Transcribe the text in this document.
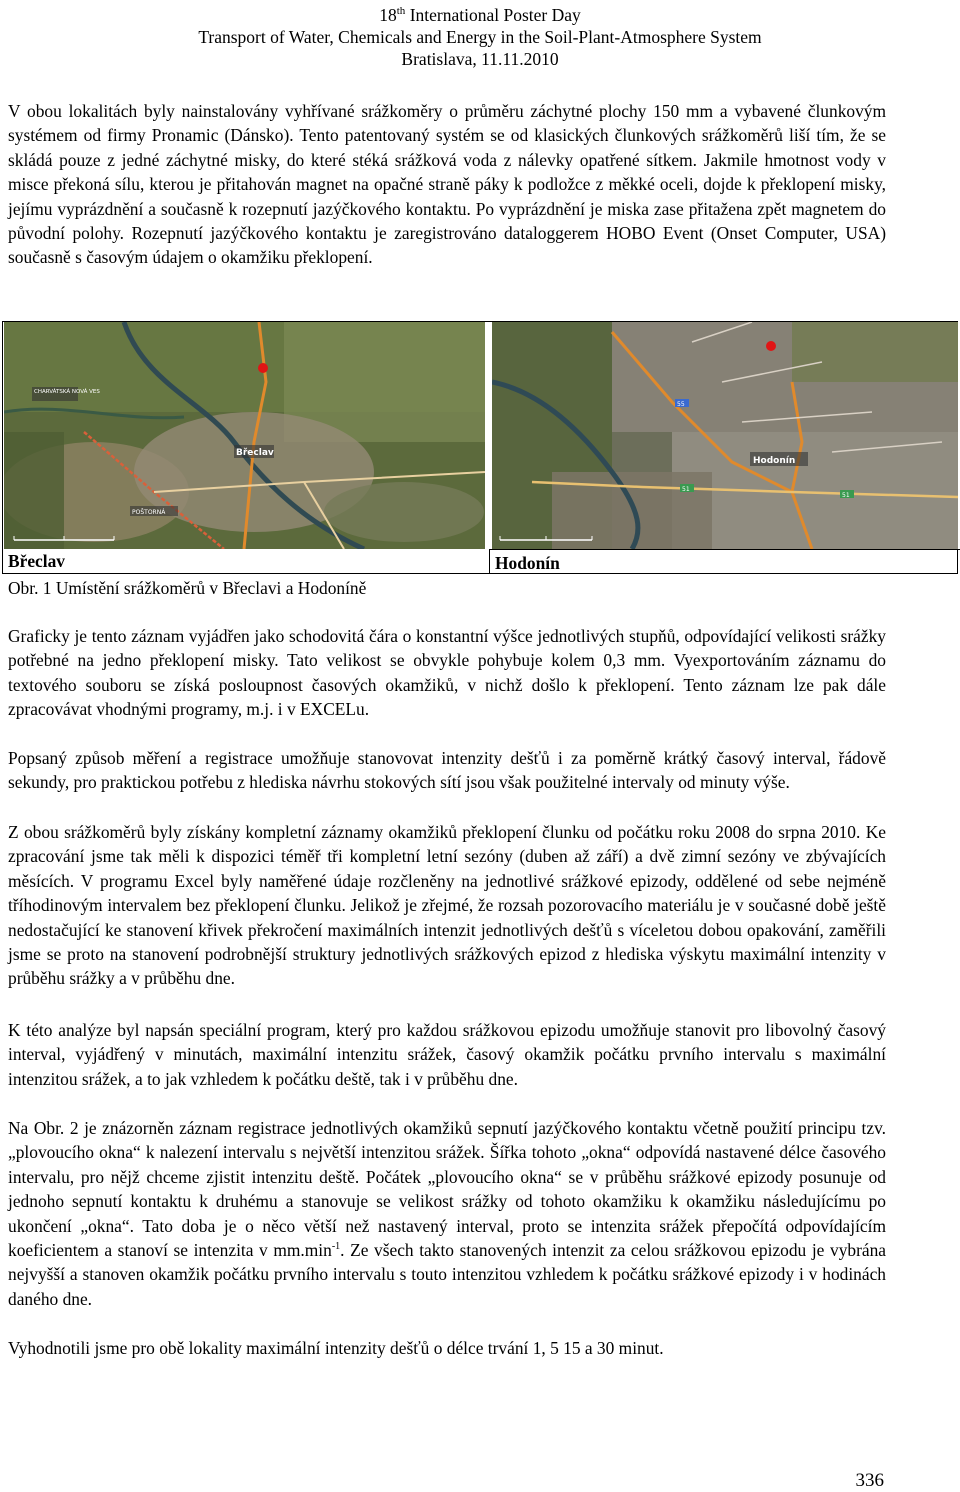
18th International Poster Day
Transport of Water, Chemicals and Energy in the Soil-Plant-Atmosphere System
Bratislava, 11.11.2010

V obou lokalitách byly nainstalovány vyhřívané srážkoměry o průměru záchytné plochy 150 mm a vybavené člunkovým systémem od firmy Pronamic (Dánsko). Tento patentovaný systém se od klasických člunkových srážkoměrů liší tím, že se skládá pouze z jedné záchytné misky, do které stéká srážková voda z nálevky opatřené sítkem. Jakmile hmotnost vody v misce překoná sílu, kterou je přitahován magnet na opačné straně páky k podložce z měkké oceli, dojde k překlopení misky, jejímu vyprázdnění a současně k rozepnutí jazýčkového kontaktu. Po vyprázdnění je miska zase přitažena zpět magnetem do původní polohy. Rozepnutí jazýčkového kontaktu je zaregistrováno dataloggerem HOBO Event (Onset Computer, USA) současně s časovým údajem o okamžiku překlopení.

CHARVÁTSKÁ NOVÁ VES
Břeclav
POŠTORNÁ
Hodonín
55
51
51
Břeclav	Hodonín
Obr. 1 Umístění srážkoměrů v Břeclavi a Hodoníně

Graficky je tento záznam vyjádřen jako schodovitá čára o konstantní výšce jednotlivých stupňů, odpovídající velikosti srážky potřebné na jedno překlopení misky. Tato velikost se obvykle pohybuje kolem 0,3 mm. Vyexportováním záznamu do textového souboru se získá posloupnost časových okamžiků, v nichž došlo k překlopení. Tento záznam lze pak dále zpracovávat vhodnými programy, m.j. i v EXCELu.

Popsaný způsob měření a registrace umožňuje stanovovat intenzity dešťů i za poměrně krátký časový interval, řádově sekundy, pro praktickou potřebu z hlediska návrhu stokových sítí jsou však použitelné intervaly od minuty výše.

Z obou srážkoměrů byly získány kompletní záznamy okamžiků překlopení člunku od počátku roku 2008 do srpna 2010. Ke zpracování jsme tak měli k dispozici téměř tři kompletní letní sezóny (duben až září) a dvě zimní sezóny ve zbývajících měsících. V programu Excel byly naměřené údaje rozčleněny na jednotlivé srážkové epizody, oddělené od sebe nejméně tříhodinovým intervalem bez překlopení člunku. Jelikož je zřejmé, že rozsah pozorovacího materiálu je v současné době ještě nedostačující ke stanovení křivek překročení maximálních intenzit jednotlivých dešťů s víceletou dobou opakování, zaměřili jsme se proto na stanovení podrobnější struktury jednotlivých srážkových epizod z hlediska výskytu maximální intenzity v průběhu srážky a v průběhu dne.

K této analýze byl napsán speciální program, který pro každou srážkovou epizodu umožňuje stanovit pro libovolný časový interval, vyjádřený v minutách, maximální intenzitu srážek, časový okamžik počátku prvního intervalu s maximální intenzitou srážek, a to jak vzhledem k počátku deště, tak i v průběhu dne.

Na Obr. 2 je znázorněn záznam registrace jednotlivých okamžiků sepnutí jazýčkového kontaktu včetně použití principu tzv. „plovoucího okna“ k nalezení intervalu s největší intenzitou srážek. Šířka tohoto „okna“ odpovídá nastavené délce časového intervalu, pro nějž chceme zjistit intenzitu deště. Počátek „plovoucího okna“ se v průběhu srážkové epizody posunuje od jednoho sepnutí kontaktu k druhému a stanovuje se velikost srážky od tohoto okamžiku k okamžiku následujícímu po ukončení „okna“. Tato doba je o něco větší než nastavený interval, proto se intenzita srážek přepočítá odpovídajícím koeficientem a stanoví se intenzita v $mm.\min^{-1}$. Ze všech takto stanovených intenzit za celou srážkovou epizodu je vybrána nejvyšší a stanoven okamžik počátku prvního intervalu s touto intenzitou vzhledem k počátku srážkové epizody i v hodinách daného dne.

Vyhodnotili jsme pro obě lokality maximální intenzity dešťů o délce trvání 1, 5 15 a 30 minut.

336
